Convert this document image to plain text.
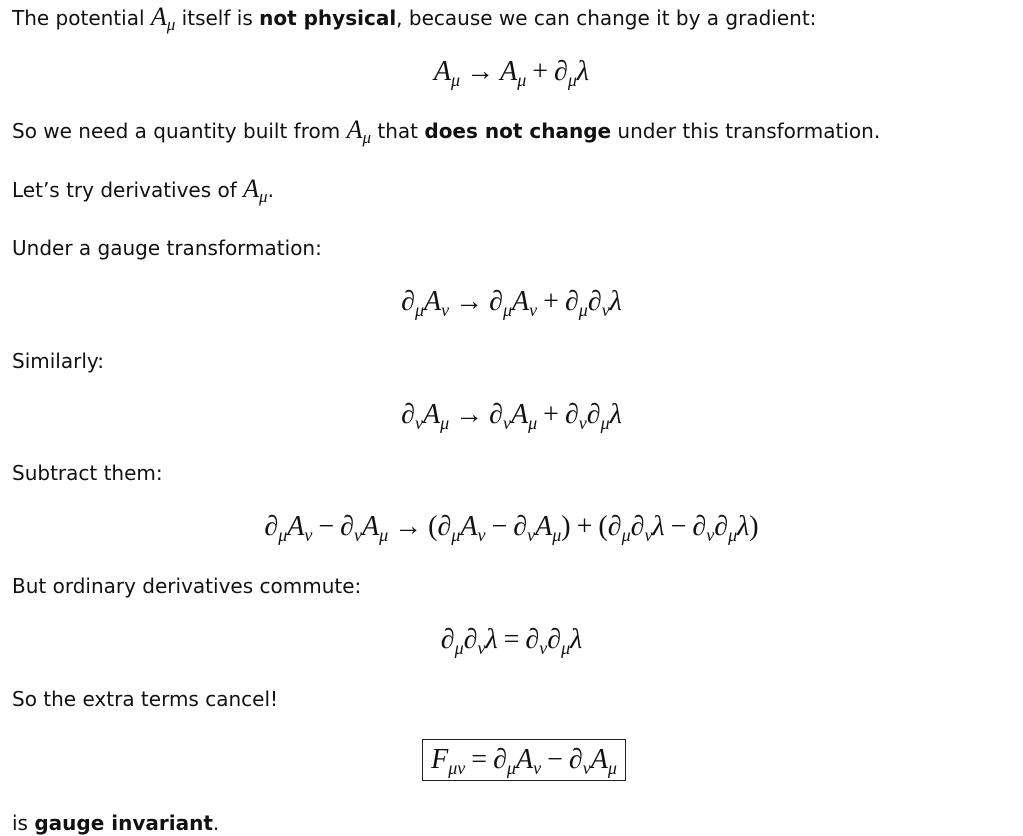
The potential $A_\mu$ itself is not physical, because we can change it by a gradient:
$A_\mu \to A_\mu + \partial_\mu\lambda$
So we need a quantity built from $A_\mu$ that does not change under this transformation.
Let’s try derivatives of $A_\mu$.
Under a gauge transformation:
$\partial_\mu A_\nu \to \partial_\mu A_\nu + \partial_\mu\partial_\nu\lambda$
Similarly:
$\partial_\nu A_\mu \to \partial_\nu A_\mu + \partial_\nu\partial_\mu\lambda$
Subtract them:
$\partial_\mu A_\nu - \partial_\nu A_\mu \to (\partial_\mu A_\nu - \partial_\nu A_\mu) + (\partial_\mu\partial_\nu\lambda - \partial_\nu\partial_\mu\lambda)$
But ordinary derivatives commute:
$\partial_\mu\partial_\nu\lambda = \partial_\nu\partial_\mu\lambda$
So the extra terms cancel!
$F_{\mu\nu} = \partial_\mu A_\nu - \partial_\nu A_\mu$
is gauge invariant.
